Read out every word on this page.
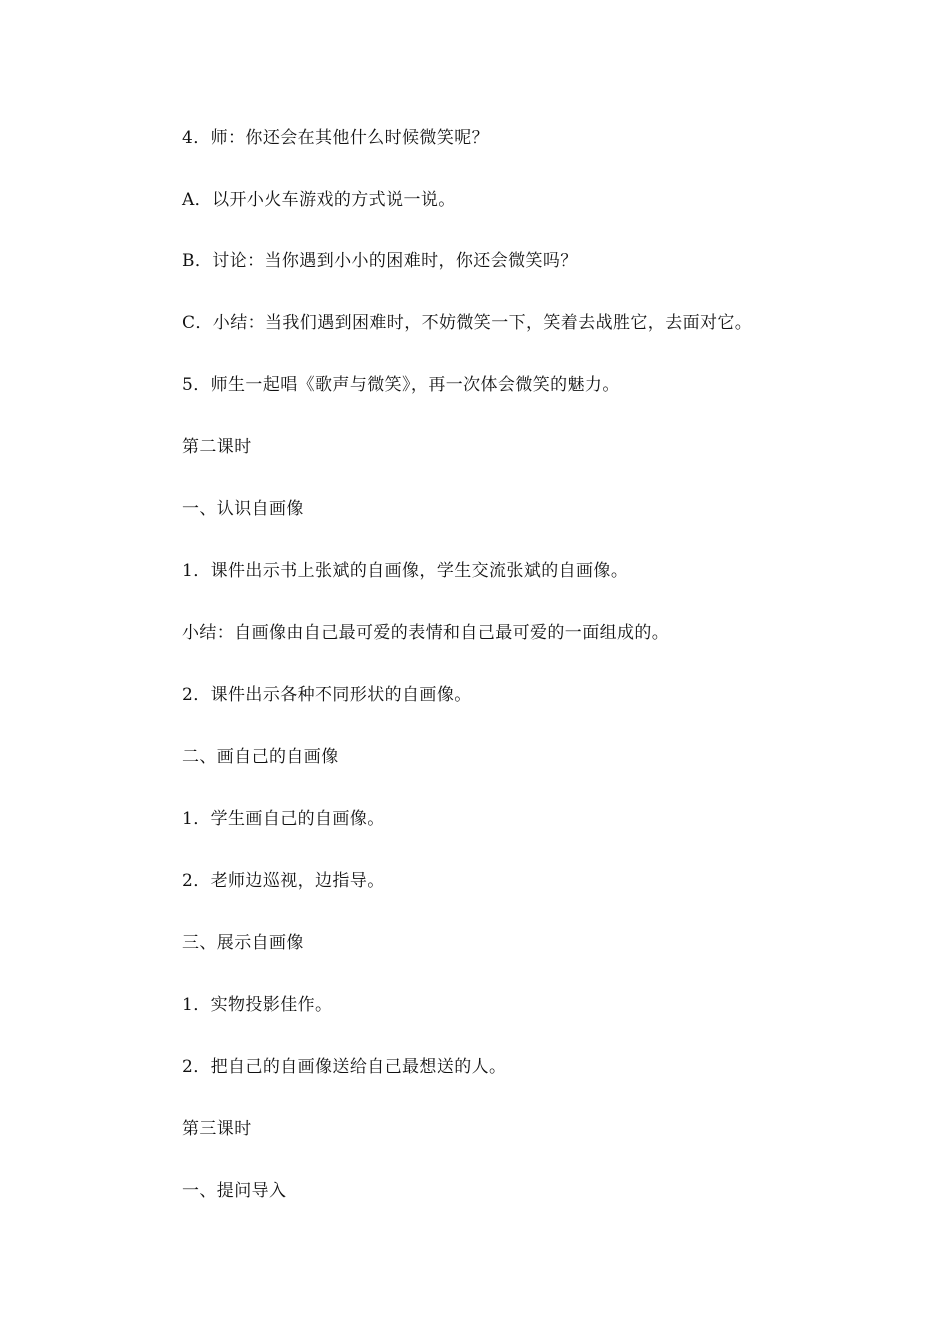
4．师：你还会在其他什么时候微笑呢？
A．以开小火车游戏的方式说一说。
B．讨论：当你遇到小小的困难时，你还会微笑吗？
C．小结：当我们遇到困难时，不妨微笑一下，笑着去战胜它，去面对它。
5．师生一起唱《歌声与微笑》，再一次体会微笑的魅力。
第二课时
一、认识自画像
1．课件出示书上张斌的自画像，学生交流张斌的自画像。
小结：自画像由自己最可爱的表情和自己最可爱的一面组成的。
2．课件出示各种不同形状的自画像。
二、画自己的自画像
1．学生画自己的自画像。
2．老师边巡视，边指导。
三、展示自画像
1．实物投影佳作。
2．把自己的自画像送给自己最想送的人。
第三课时
一、提问导入
